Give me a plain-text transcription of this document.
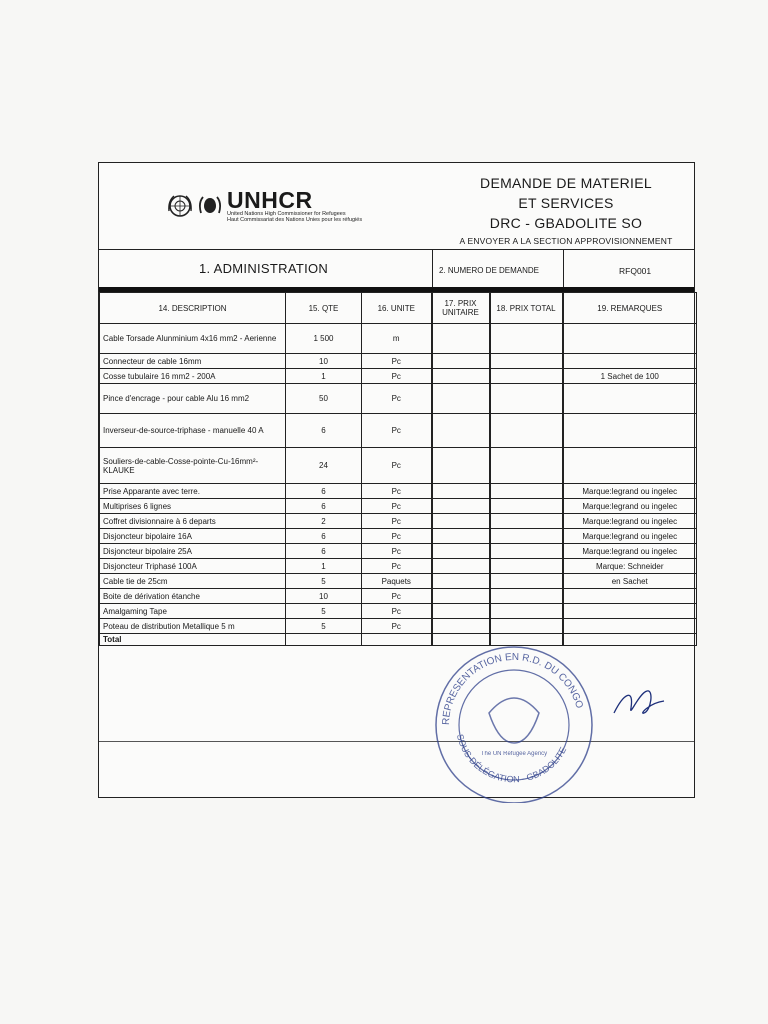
UNHCR
United Nations High Commissioner for Refugees
Haut Commissariat des Nations Unies pour les réfugiés
DEMANDE DE MATERIEL
ET SERVICES
DRC - GBADOLITE SO
A ENVOYER A LA SECTION APPROVISIONNEMENT
1. ADMINISTRATION	2. NUMERO DE DEMANDE	RFQ001
14. DESCRIPTION	15. QTE	16. UNITE	17. PRIX UNITAIRE	18. PRIX TOTAL	19. REMARQUES
Cable Torsade Alunminium 4x16 mm2 - Aerienne	1 500	m			
Connecteur de cable 16mm	10	Pc			
Cosse tubulaire 16 mm2 - 200A	1	Pc			1 Sachet de 100
Pince d'encrage - pour cable Alu 16 mm2	50	Pc			
Inverseur-de-source-triphase - manuelle 40 A	6	Pc			
Souliers-de-cable-Cosse-pointe-Cu-16mm²-KLAUKE	24	Pc			
Prise Apparante avec terre.	6	Pc			Marque:legrand ou ingelec
Multiprises 6 lignes	6	Pc			Marque:legrand ou ingelec
Coffret divisionnaire à 6 departs	2	Pc			Marque:legrand ou ingelec
Disjoncteur bipolaire 16A	6	Pc			Marque:legrand ou ingelec
Disjoncteur bipolaire 25A	6	Pc			Marque:legrand ou ingelec
Disjoncteur Triphasé 100A	1	Pc			Marque: Schneider
Cable tie de 25cm	5	Paquets			en Sachet
Boite de dérivation étanche	10	Pc			
Amalgaming Tape	5	Pc			
Poteau de distribution Metallique 5 m	5	Pc			
Total					
REPRESENTATION EN R.D. DU CONGO
SOUS-DÉLÉGATION - GBADOLITE
The UN Refugee Agency
